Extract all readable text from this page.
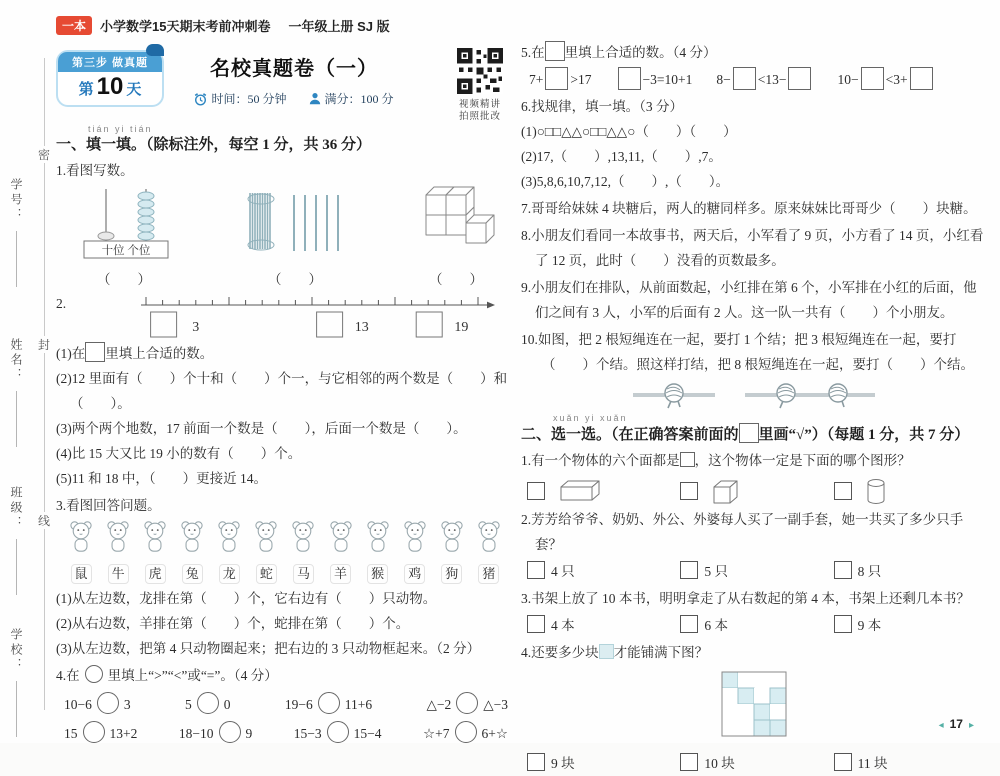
密
封
线
学号：
姓名：
班级：
学校：
一本	小学数学15天期末考前冲刺卷 一年级上册 SJ 版
第三步 做真题
第 10 天
名校真题卷（一）
时间：50 分钟	满分：100 分	视频精讲
拍照批改
tián yi tián
一、填一填。（除标注外，每空 1 分，共 36 分）
1.看图写数。
十位 个位
（　　）	（　　）	（　　）
2.
3	13	19
(1)在 里填上合适的数。
(2)12 里面有（　　）个十和（　　）个一，与它相邻的两个数是（　　）和（　　）。
(3)两个两个地数，17 前面一个数是（　　），后面一个数是（　　）。
(4)比 15 大又比 19 小的数有（　　）个。
(5)11 和 18 中，（　　）更接近 14。
3.看图回答问题。

鼠	牛	虎	兔	龙	蛇	马	羊	猴	鸡	狗	猪
(1)从左边数，龙排在第（　　）个，它右边有（　　）只动物。
(2)从右边数，羊排在第（　　）个，蛇排在第（　　）个。
(3)从左边数，把第 4 只动物圈起来；把右边的 3 只动物框起来。（2 分）
4.在 里填上“>”“<”或“=”。（4 分）
10−6 3	5 0	19−6 11+6	△−2 △−3
15 13+2	18−10 9	15−3 15−4	☆+7 6+☆
5.在 里填上合适的数。（4 分）
7+ >17	−3=10+1 8− <13−	10− <3+
6.找规律，填一填。（3 分）
(1)○□□△△○□□△△○（　　）（　　）
(2)17,（　　）,13,11,（　　）,7。
(3)5,8,6,10,7,12,（　　）,（　　）。
7.哥哥给妹妹 4 块糖后，两人的糖同样多。原来妹妹比哥哥少（　　）块糖。
8.小朋友们看同一本故事书，两天后，小军看了 9 页，小方看了 14 页，小红看了 12 页，此时（　　）没看的页数最多。
9.小朋友们在排队，从前面数起，小红排在第 6 个，小军排在小红的后面，他们之间有 3 人，小军的后面有 2 人。这一队一共有（　　）个小朋友。
10.如图，把 2 根短绳连在一起，要打 1 个结；把 3 根短绳连在一起，要打（　　）个结。照这样打结，把 8 根短绳连在一起，要打（　　）个结。
xuǎn yi xuǎn
二、选一选。（在正确答案前面的 里画“√”）（每题 1 分，共 7 分）
1.有一个物体的六个面都是 ，这个物体一定是下面的哪个图形？
2.芳芳给爷爷、奶奶、外公、外婆每人买了一副手套，她一共买了多少只手套？
4 只	5 只	8 只
3.书架上放了 10 本书，明明拿走了从右数起的第 4 本，书架上还剩几本书？
4 本	6 本	9 本
4.还要多少块 才能铺满下图？
9 块	10 块	11 块
◂ 17 ▸
